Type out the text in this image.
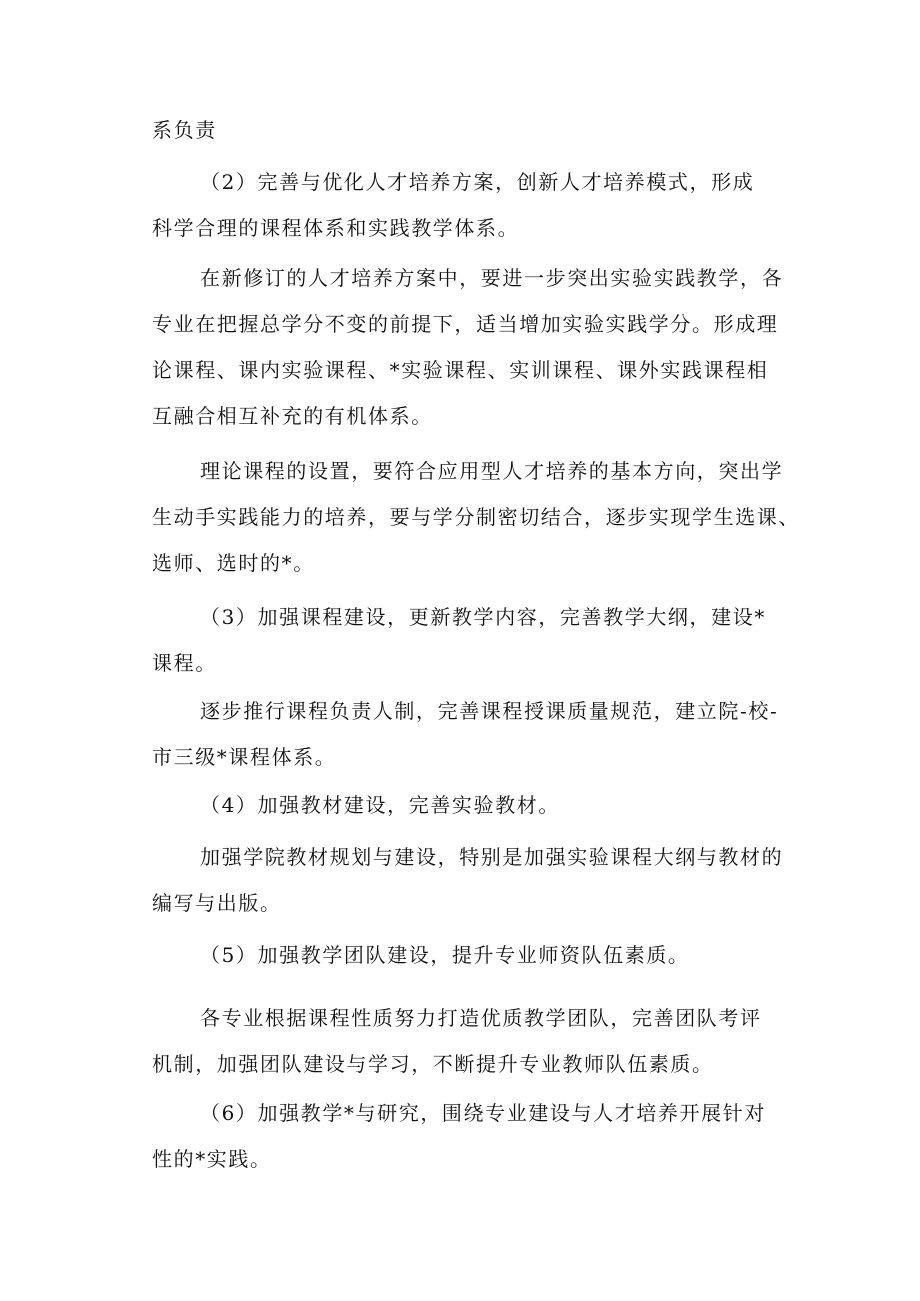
系负责
（2）完善与优化人才培养方案，创新人才培养模式，形成
科学合理的课程体系和实践教学体系。
在新修订的人才培养方案中，要进一步突出实验实践教学，各
专业在把握总学分不变的前提下，适当增加实验实践学分。形成理
论课程、课内实验课程、*实验课程、实训课程、课外实践课程相
互融合相互补充的有机体系。
理论课程的设置，要符合应用型人才培养的基本方向，突出学
生动手实践能力的培养，要与学分制密切结合，逐步实现学生选课、
选师、选时的*。
（3）加强课程建设，更新教学内容，完善教学大纲，建设*
课程。
逐步推行课程负责人制，完善课程授课质量规范，建立院-校-
市三级*课程体系。
（4）加强教材建设，完善实验教材。
加强学院教材规划与建设，特别是加强实验课程大纲与教材的
编写与出版。
（5）加强教学团队建设，提升专业师资队伍素质。
各专业根据课程性质努力打造优质教学团队，完善团队考评
机制，加强团队建设与学习，不断提升专业教师队伍素质。
（6）加强教学*与研究，围绕专业建设与人才培养开展针对
性的*实践。
